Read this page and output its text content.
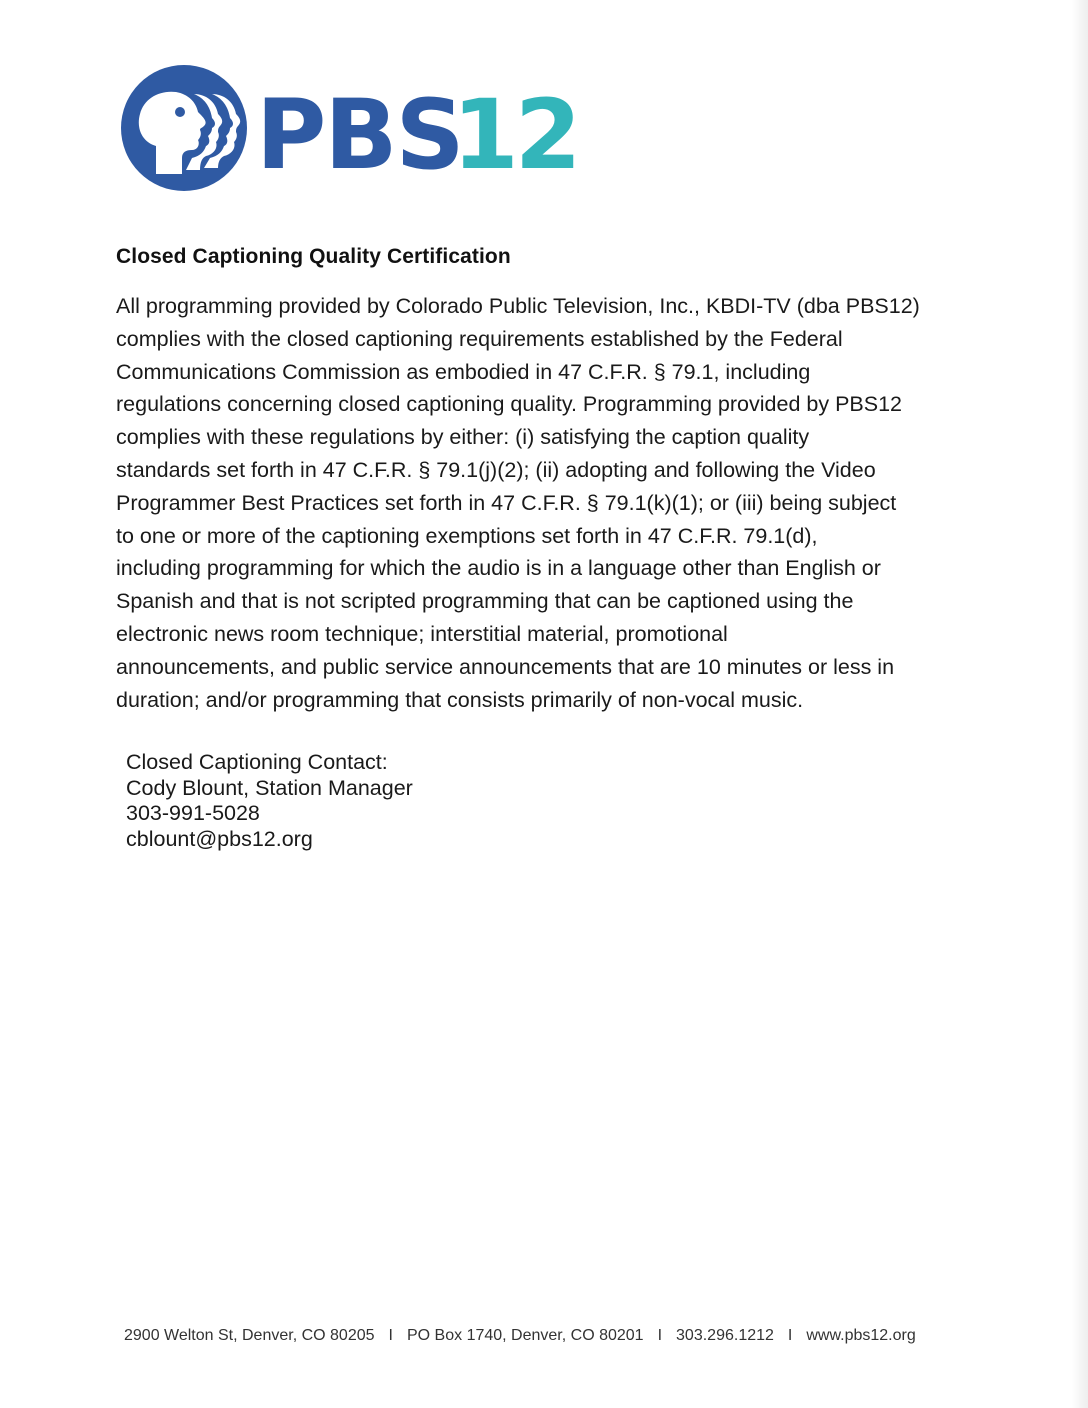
PBS
12
Closed Captioning Quality Certification
All programming provided by Colorado Public Television, Inc., KBDI-TV (dba PBS12)
complies with the closed captioning requirements established by the Federal
Communications Commission as embodied in 47 C.F.R. § 79.1, including
regulations concerning closed captioning quality. Programming provided by PBS12
complies with these regulations by either: (i) satisfying the caption quality
standards set forth in 47 C.F.R. § 79.1(j)(2); (ii) adopting and following the Video
Programmer Best Practices set forth in 47 C.F.R. § 79.1(k)(1); or (iii) being subject
to one or more of the captioning exemptions set forth in 47 C.F.R. 79.1(d),
including programming for which the audio is in a language other than English or
Spanish and that is not scripted programming that can be captioned using the
electronic news room technique; interstitial material, promotional
announcements, and public service announcements that are 10 minutes or less in
duration; and/or programming that consists primarily of non-vocal music.
Closed Captioning Contact:
Cody Blount, Station Manager
303-991-5028
cblount@pbs12.org
2900 Welton St, Denver, CO 80205 I PO Box 1740, Denver, CO 80201 I 303.296.1212 I www.pbs12.org
